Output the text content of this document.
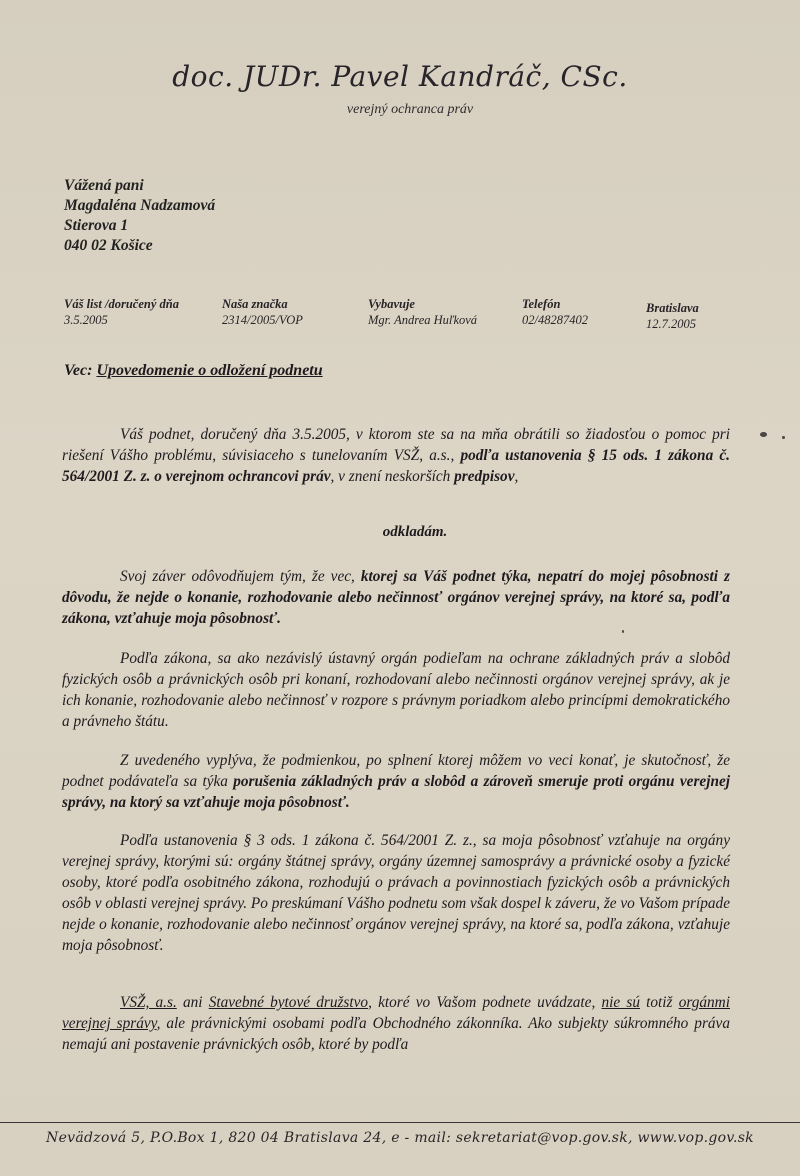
doc. JUDr. Pavel Kandráč, CSc.
verejný ochranca práv
Vážená pani
Magdaléna Nadzamová
Stierova 1
040 02 Košice
Váš list /doručený dňa
3.5.2005
Naša značka
2314/2005/VOP
Vybavuje
Mgr. Andrea Huľková
Telefón
02/48287402
Bratislava
12.7.2005
Vec: Upovedomenie o odložení podnetu

Váš podnet, doručený dňa 3.5.2005, v ktorom ste sa na mňa obrátili so žiadosťou o pomoc pri riešení Vášho problému, súvisiaceho s tunelovaním VSŽ, a.s., podľa ustanovenia § 15 ods. 1 zákona č. 564/2001 Z. z. o verejnom ochrancovi práv, v znení neskorších predpisov,

odkladám.

Svoj záver odôvodňujem tým, že vec, ktorej sa Váš podnet týka, nepatrí do mojej pôsobnosti z dôvodu, že nejde o konanie, rozhodovanie alebo nečinnosť orgánov verejnej správy, na ktoré sa, podľa zákona, vzťahuje moja pôsobnosť.

Podľa zákona, sa ako nezávislý ústavný orgán podieľam na ochrane základných práv a slobôd fyzických osôb a právnických osôb pri konaní, rozhodovaní alebo nečinnosti orgánov verejnej správy, ak je ich konanie, rozhodovanie alebo nečinnosť v rozpore s právnym poriadkom alebo princípmi demokratického a právneho štátu.

Z uvedeného vyplýva, že podmienkou, po splnení ktorej môžem vo veci konať, je skutočnosť, že podnet podávateľa sa týka porušenia základných práv a slobôd a zároveň smeruje proti orgánu verejnej správy, na ktorý sa vzťahuje moja pôsobnosť.

Podľa ustanovenia § 3 ods. 1 zákona č. 564/2001 Z. z., sa moja pôsobnosť vzťahuje na orgány verejnej správy, ktorými sú: orgány štátnej správy, orgány územnej samosprávy a právnické osoby a fyzické osoby, ktoré podľa osobitného zákona, rozhodujú o právach a povinnostiach fyzických osôb a právnických osôb v oblasti verejnej správy. Po preskúmaní Vášho podnetu som však dospel k záveru, že vo Vašom prípade nejde o konanie, rozhodovanie alebo nečinnosť orgánov verejnej správy, na ktoré sa, podľa zákona, vzťahuje moja pôsobnosť.

VSŽ, a.s. ani Stavebné bytové družstvo, ktoré vo Vašom podnete uvádzate, nie sú totiž orgánmi verejnej správy, ale právnickými osobami podľa Obchodného zákonníka. Ako subjekty súkromného práva nemajú ani postavenie právnických osôb, ktoré by podľa

Nevädzová 5, P.O.Box 1, 820 04 Bratislava 24, e - mail: sekretariat@vop.gov.sk, www.vop.gov.sk
